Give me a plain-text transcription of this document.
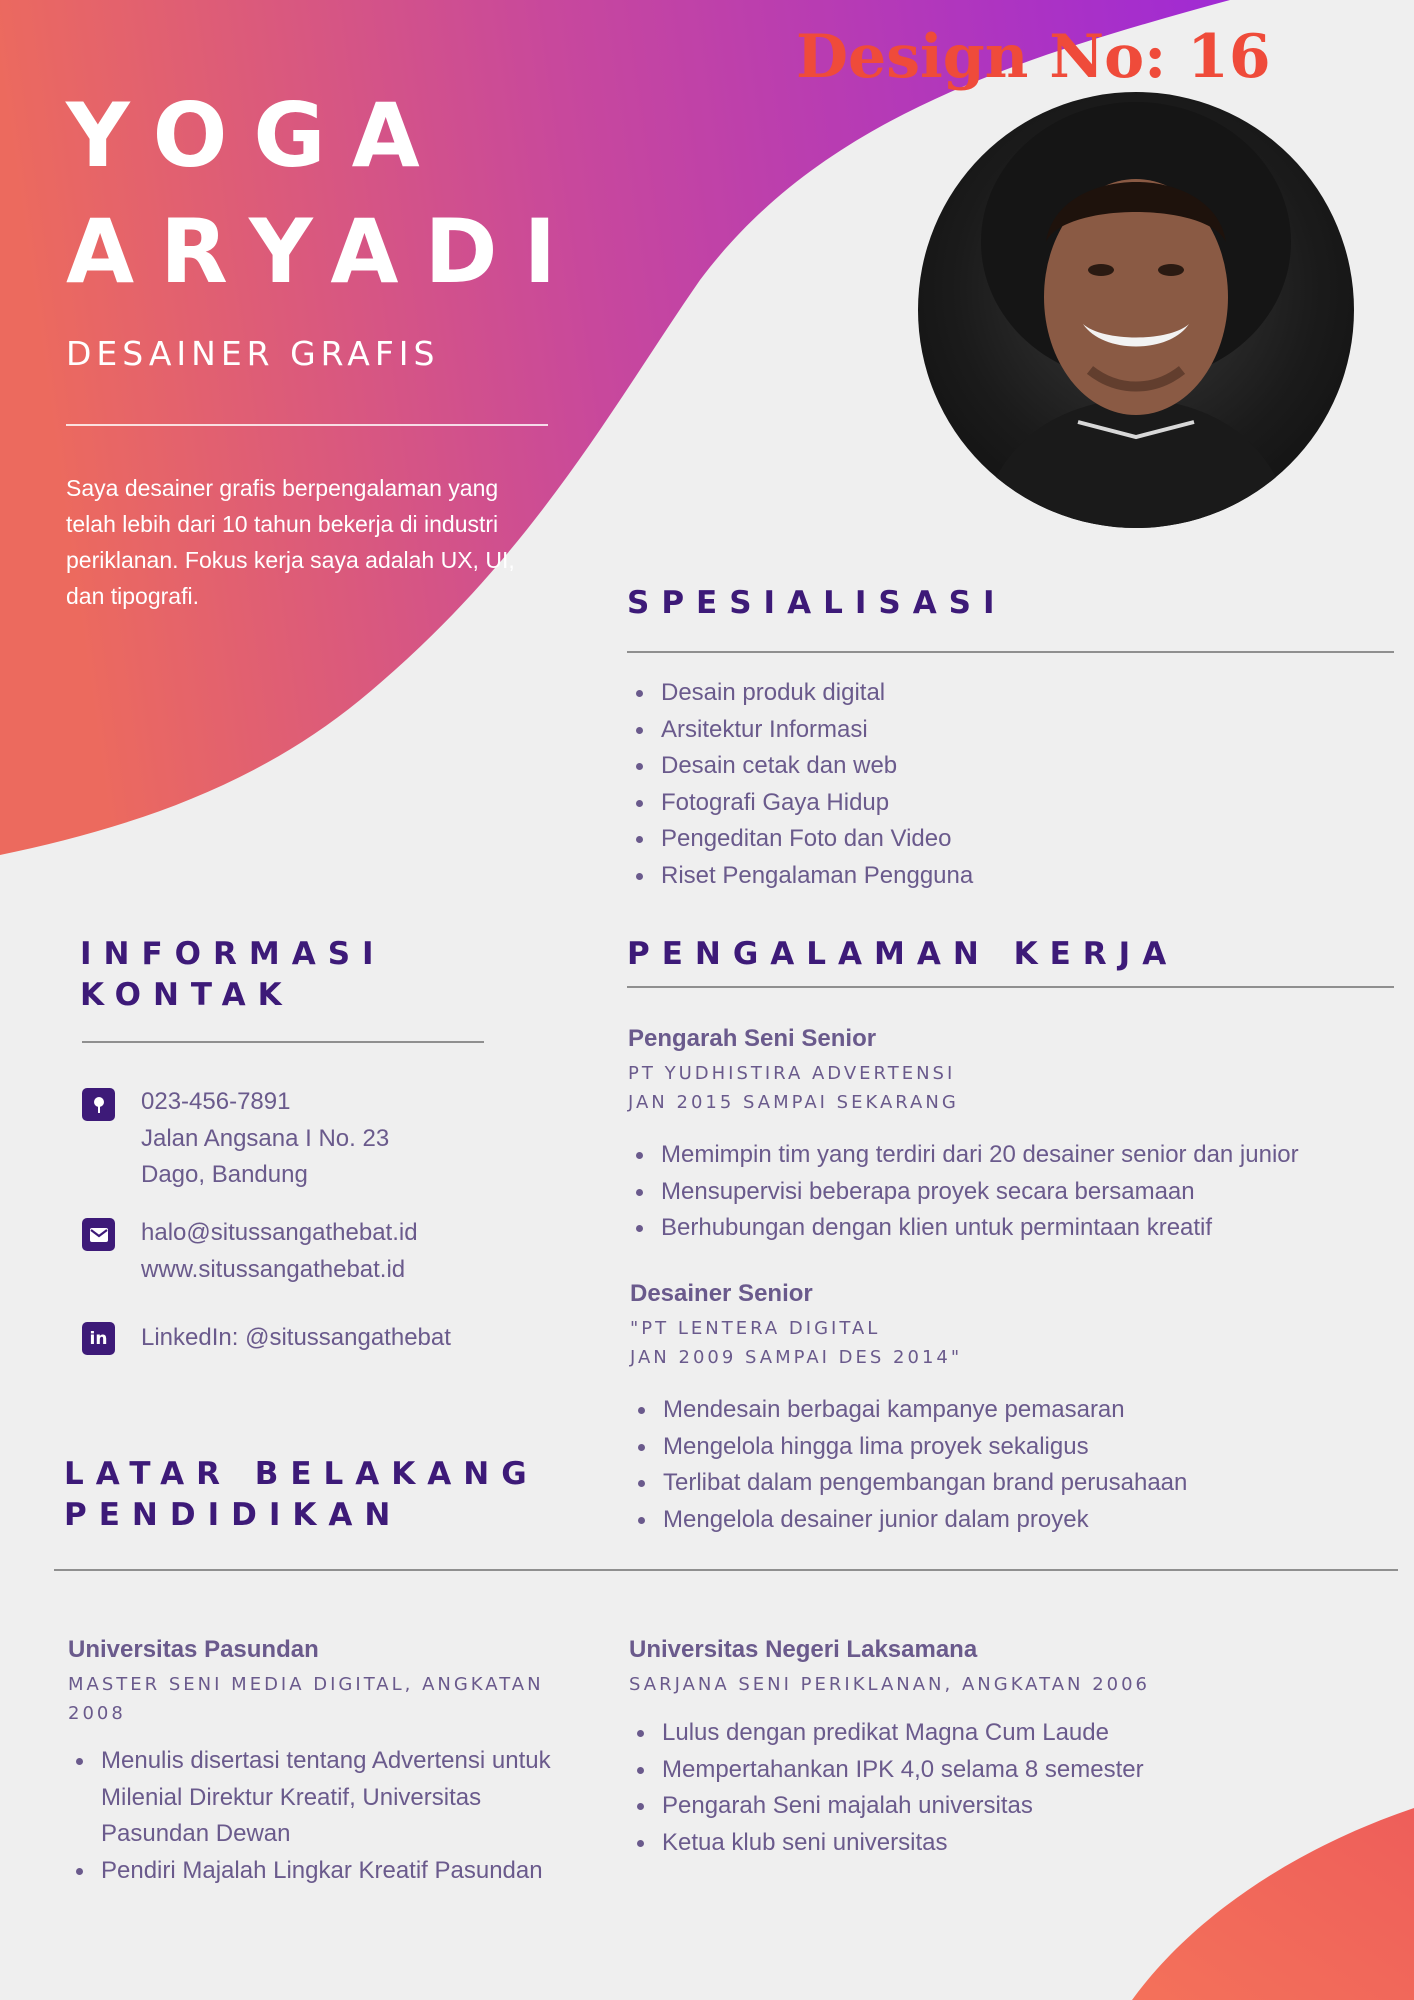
Design No: 16
YOGA
ARYADI
DESAINER GRAFIS
Saya desainer grafis berpengalaman yang telah lebih dari 10 tahun bekerja di industri periklanan. Fokus kerja saya adalah UX, UI, dan tipografi.	SPESIALISASI
Desain produk digital
Arsitektur Informasi
Desain cetak dan web
Fotografi Gaya Hidup
Pengeditan Foto dan Video
Riset Pengalaman Pengguna
INFORMASI
KONTAK
023-456-7891
Jalan Angsana I No. 23
Dago, Bandung
halo@situssangathebat.id
www.situssangathebat.id
in LinkedIn: @situssangathebat
PENGALAMAN KERJA
Pengarah Seni Senior
PT YUDHISTIRA ADVERTENSI
JAN 2015 SAMPAI SEKARANG
Memimpin tim yang terdiri dari 20 desainer senior dan junior
Mensupervisi beberapa proyek secara bersamaan
Berhubungan dengan klien untuk permintaan kreatif
Desainer Senior
"PT LENTERA DIGITAL
JAN 2009 SAMPAI DES 2014"
Mendesain berbagai kampanye pemasaran
Mengelola hingga lima proyek sekaligus
Terlibat dalam pengembangan brand perusahaan
Mengelola desainer junior dalam proyek
LATAR BELAKANG
PENDIDIKAN
Universitas Pasundan
MASTER SENI MEDIA DIGITAL, ANGKATAN
2008
Menulis disertasi tentang Advertensi untuk Milenial Direktur Kreatif, Universitas Pasundan Dewan
Pendiri Majalah Lingkar Kreatif Pasundan
Universitas Negeri Laksamana
SARJANA SENI PERIKLANAN, ANGKATAN 2006
Lulus dengan predikat Magna Cum Laude
Mempertahankan IPK 4,0 selama 8 semester
Pengarah Seni majalah universitas
Ketua klub seni universitas
